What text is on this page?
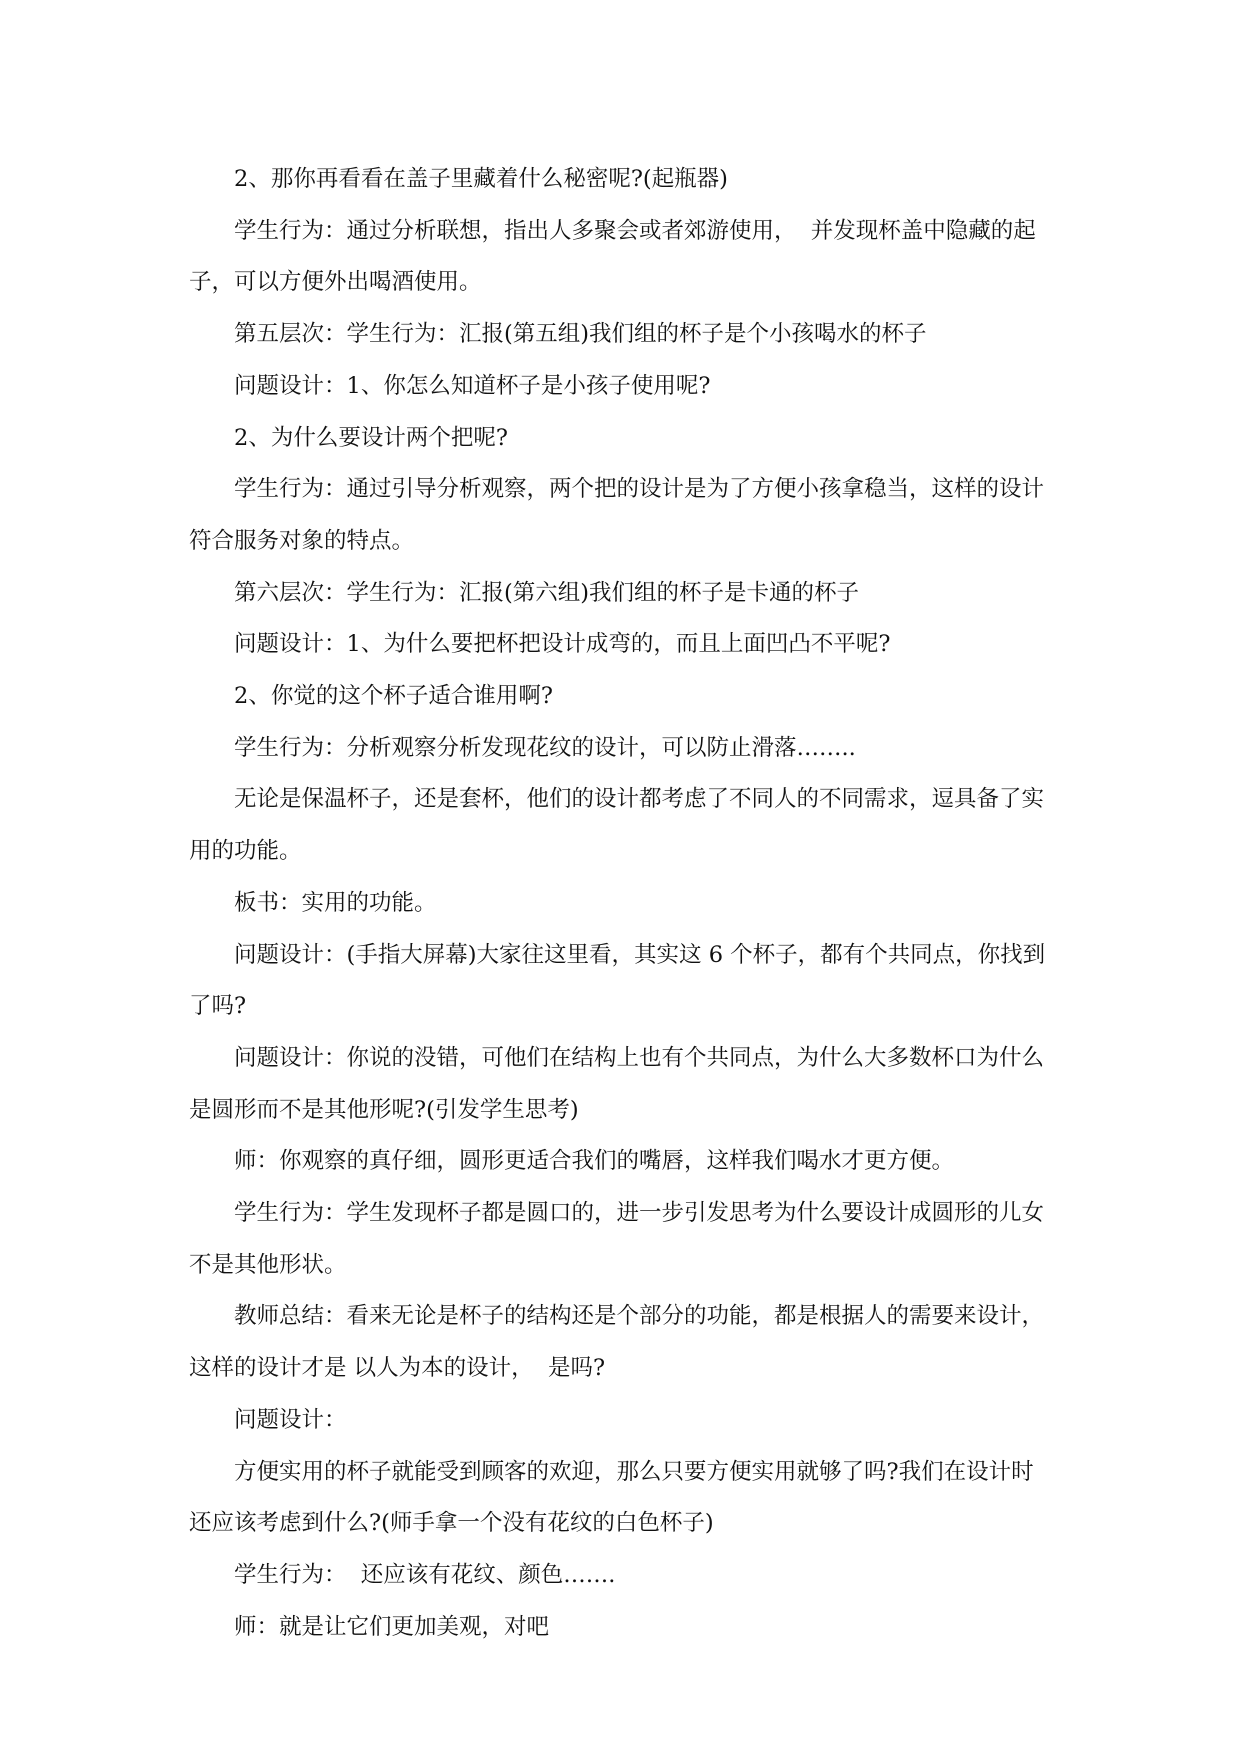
2、那你再看看在盖子里藏着什么秘密呢?(起瓶器)

学生行为：通过分析联想，指出人多聚会或者郊游使用，  并发现杯盖中隐藏的起子，可以方便外出喝酒使用。

第五层次：学生行为：汇报(第五组)我们组的杯子是个小孩喝水的杯子

问题设计：1、你怎么知道杯子是小孩子使用呢?

2、为什么要设计两个把呢?

学生行为：通过引导分析观察，两个把的设计是为了方便小孩拿稳当，这样的设计符合服务对象的特点。

第六层次：学生行为：汇报(第六组)我们组的杯子是卡通的杯子

问题设计：1、为什么要把杯把设计成弯的，而且上面凹凸不平呢?

2、你觉的这个杯子适合谁用啊?

学生行为：分析观察分析发现花纹的设计，可以防止滑落……..

无论是保温杯子，还是套杯，他们的设计都考虑了不同人的不同需求，逗具备了实用的功能。

板书：实用的功能。

问题设计：(手指大屏幕)大家往这里看，其实这 6 个杯子，都有个共同点，你找到了吗?

问题设计：你说的没错，可他们在结构上也有个共同点，为什么大多数杯口为什么是圆形而不是其他形呢?(引发学生思考)

师：你观察的真仔细，圆形更适合我们的嘴唇，这样我们喝水才更方便。

学生行为：学生发现杯子都是圆口的，进一步引发思考为什么要设计成圆形的儿女不是其他形状。

教师总结：看来无论是杯子的结构还是个部分的功能，都是根据人的需要来设计，这样的设计才是 以人为本的设计，  是吗?

问题设计：

方便实用的杯子就能受到顾客的欢迎，那么只要方便实用就够了吗?我们在设计时还应该考虑到什么?(师手拿一个没有花纹的白色杯子)

学生行为：  还应该有花纹、颜色…….

师：就是让它们更加美观，对吧
